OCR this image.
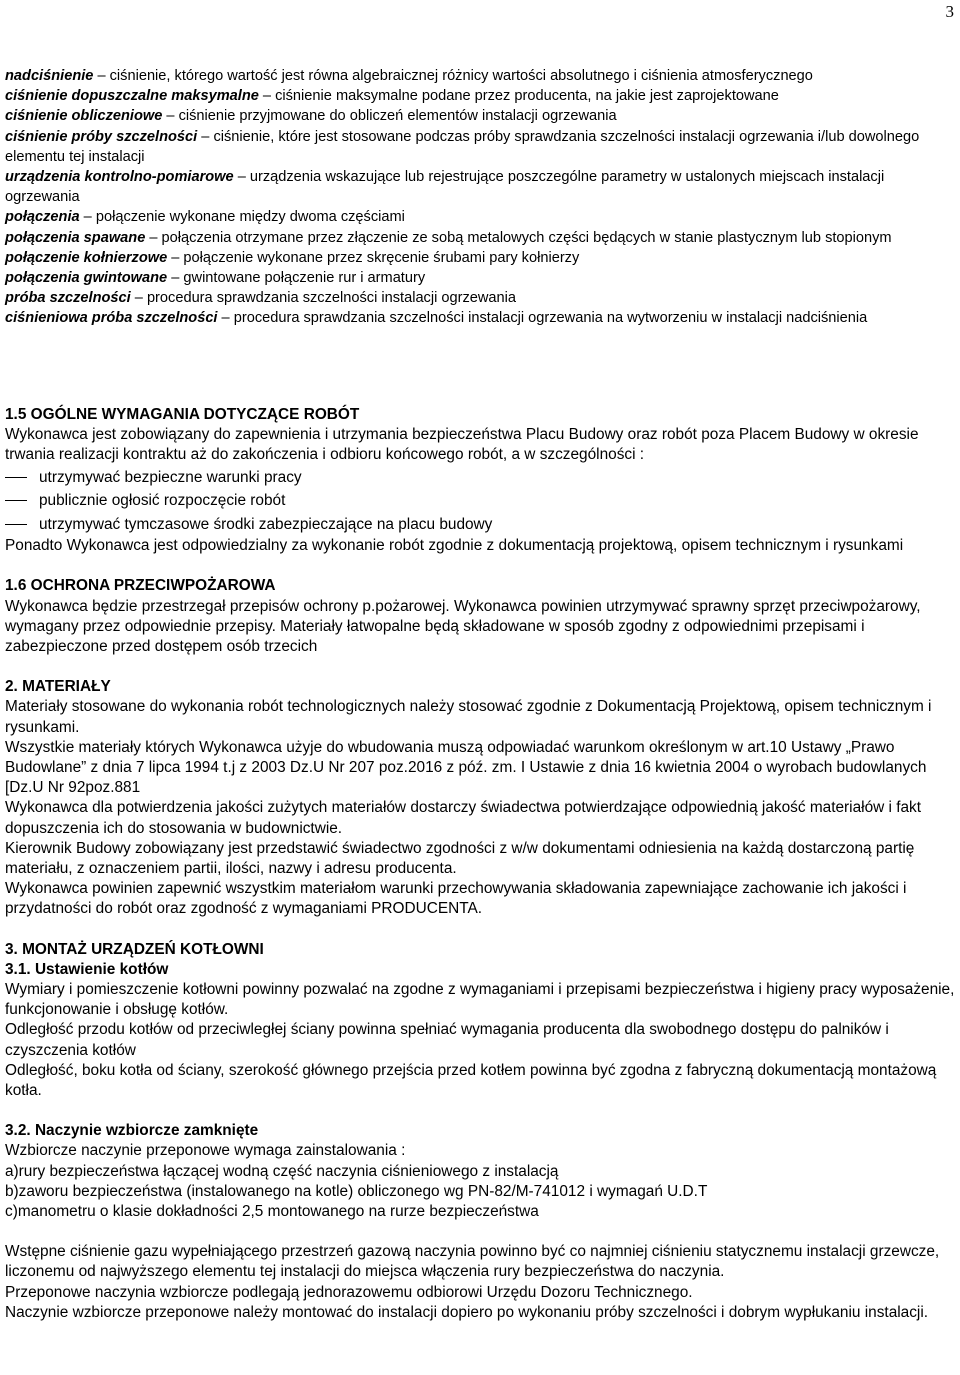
3

nadciśnienie – ciśnienie, którego wartość jest równa algebraicznej różnicy wartości absolutnego i ciśnienia atmosferycznego

ciśnienie dopuszczalne maksymalne – ciśnienie maksymalne podane przez producenta, na jakie jest zaprojektowane

ciśnienie obliczeniowe – ciśnienie przyjmowane do obliczeń elementów instalacji ogrzewania

ciśnienie próby szczelności – ciśnienie, które jest stosowane podczas próby sprawdzania szczelności instalacji ogrzewania i/lub dowolnego elementu tej instalacji

urządzenia kontrolno-pomiarowe – urządzenia wskazujące lub rejestrujące poszczególne parametry w ustalonych miejscach instalacji ogrzewania

połączenia – połączenie wykonane między dwoma częściami

połączenia spawane – połączenia otrzymane przez złączenie ze sobą metalowych części będących w stanie plastycznym lub stopionym

połączenie kołnierzowe – połączenie wykonane przez skręcenie śrubami pary kołnierzy

połączenia gwintowane – gwintowane połączenie rur i armatury

próba szczelności – procedura sprawdzania szczelności instalacji ogrzewania

ciśnieniowa próba szczelności – procedura sprawdzania szczelności instalacji ogrzewania na wytworzeniu w instalacji nadciśnienia

1.5 OGÓLNE WYMAGANIA DOTYCZĄCE ROBÓT

Wykonawca jest zobowiązany do zapewnienia i utrzymania bezpieczeństwa Placu Budowy oraz robót poza Placem Budowy w okresie trwania realizacji kontraktu aż do zakończenia i odbioru końcowego robót, a w szczególności :

utrzymywać bezpieczne warunki pracy
publicznie ogłosić rozpoczęcie robót
utrzymywać tymczasowe środki zabezpieczające na placu budowy

Ponadto Wykonawca jest odpowiedzialny za wykonanie robót zgodnie z dokumentacją projektową, opisem technicznym i rysunkami

1.6 OCHRONA PRZECIWPOŻAROWA

Wykonawca będzie przestrzegał przepisów ochrony p.pożarowej. Wykonawca powinien utrzymywać sprawny sprzęt przeciwpożarowy, wymagany przez odpowiednie przepisy. Materiały łatwopalne będą składowane w sposób zgodny z odpowiednimi przepisami i zabezpieczone przed dostępem osób trzecich

2. MATERIAŁY

Materiały stosowane do wykonania robót technologicznych należy stosować zgodnie z Dokumentacją Projektową, opisem technicznym i rysunkami.

Wszystkie materiały których Wykonawca użyje do wbudowania muszą odpowiadać warunkom określonym w art.10 Ustawy „Prawo Budowlane” z dnia 7 lipca 1994 t.j z 2003 Dz.U Nr 207 poz.2016 z póź. zm. I Ustawie z dnia 16 kwietnia 2004 o wyrobach budowlanych [Dz.U Nr 92poz.881

Wykonawca dla potwierdzenia jakości zużytych materiałów dostarczy świadectwa potwierdzające odpowiednią jakość materiałów i fakt dopuszczenia ich do stosowania w budownictwie.

Kierownik Budowy zobowiązany jest przedstawić świadectwo zgodności z w/w dokumentami odniesienia na każdą dostarczoną partię materiału, z oznaczeniem partii, ilości, nazwy i adresu producenta.

Wykonawca powinien zapewnić wszystkim materiałom warunki przechowywania składowania zapewniające zachowanie ich jakości i przydatności do robót oraz zgodność z wymaganiami PRODUCENTA.

3. MONTAŻ URZĄDZEŃ KOTŁOWNI
3.1. Ustawienie kotłów

Wymiary i pomieszczenie kotłowni powinny pozwalać na zgodne z wymaganiami i przepisami bezpieczeństwa i higieny pracy wyposażenie, funkcjonowanie i obsługę kotłów.

Odległość przodu kotłów od przeciwległej ściany powinna spełniać wymagania producenta dla swobodnego dostępu do palników i czyszczenia kotłów

Odległość, boku kotła od ściany, szerokość głównego przejścia przed kotłem powinna być zgodna z fabryczną dokumentacją montażową kotła.

3.2. Naczynie wzbiorcze zamknięte

Wzbiorcze naczynie przeponowe wymaga zainstalowania :

a)rury bezpieczeństwa łączącej wodną część naczynia ciśnieniowego z instalacją

b)zaworu bezpieczeństwa (instalowanego na kotle) obliczonego wg PN-82/M-741012 i wymagań U.D.T

c)manometru o klasie dokładności 2,5 montowanego na rurze bezpieczeństwa

Wstępne ciśnienie gazu wypełniającego przestrzeń gazową naczynia powinno być co najmniej ciśnieniu statycznemu instalacji grzewcze, liczonemu od najwyższego elementu tej instalacji do miejsca włączenia rury bezpieczeństwa do naczynia.

Przeponowe naczynia wzbiorcze podlegają jednorazowemu odbiorowi Urzędu Dozoru Technicznego.

Naczynie wzbiorcze przeponowe należy montować do instalacji dopiero po wykonaniu próby szczelności i dobrym wypłukaniu instalacji.
